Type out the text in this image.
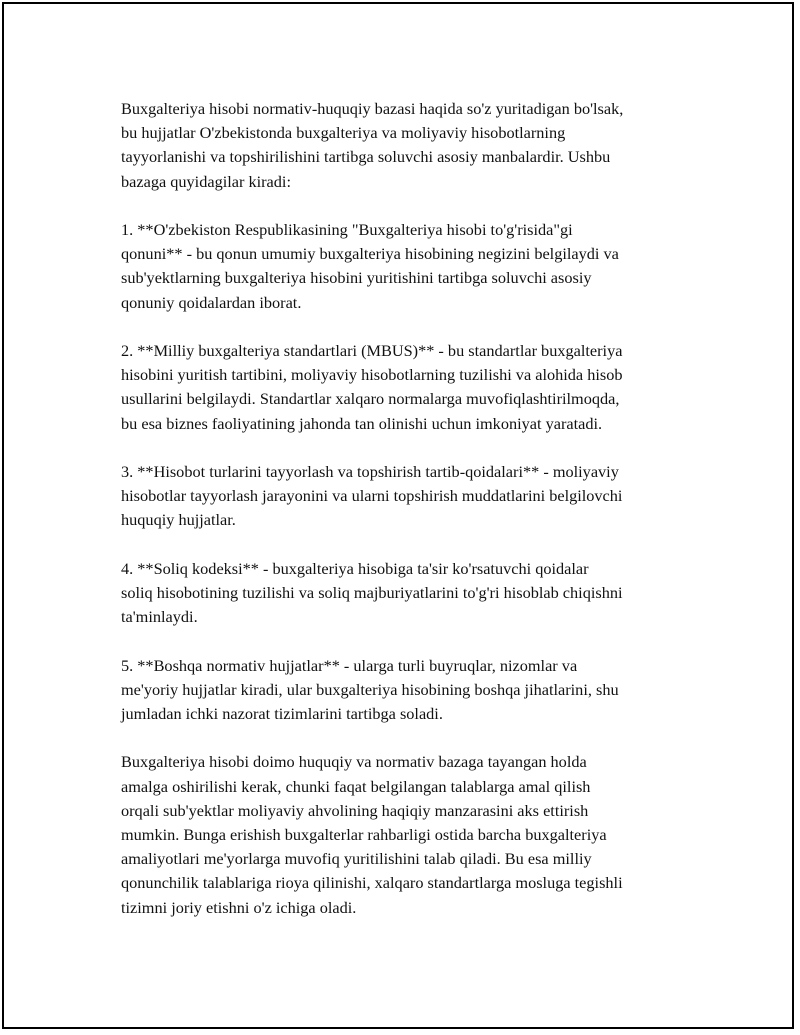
Buxgalteriya hisobi normativ-huquqiy bazasi haqida so'z yuritadigan bo'lsak,
bu hujjatlar O'zbekistonda buxgalteriya va moliyaviy hisobotlarning
tayyorlanishi va topshirilishini tartibga soluvchi asosiy manbalardir. Ushbu
bazaga quyidagilar kiradi:

1. **O'zbekiston Respublikasining "Buxgalteriya hisobi to'g'risida"gi
qonuni** - bu qonun umumiy buxgalteriya hisobining negizini belgilaydi va
sub'yektlarning buxgalteriya hisobini yuritishini tartibga soluvchi asosiy
qonuniy qoidalardan iborat.

2. **Milliy buxgalteriya standartlari (MBUS)** - bu standartlar buxgalteriya
hisobini yuritish tartibini, moliyaviy hisobotlarning tuzilishi va alohida hisob
usullarini belgilaydi. Standartlar xalqaro normalarga muvofiqlashtirilmoqda,
bu esa biznes faoliyatining jahonda tan olinishi uchun imkoniyat yaratadi.

3. **Hisobot turlarini tayyorlash va topshirish tartib-qoidalari** - moliyaviy
hisobotlar tayyorlash jarayonini va ularni topshirish muddatlarini belgilovchi
huquqiy hujjatlar.

4. **Soliq kodeksi** - buxgalteriya hisobiga ta'sir ko'rsatuvchi qoidalar
soliq hisobotining tuzilishi va soliq majburiyatlarini to'g'ri hisoblab chiqishni
ta'minlaydi.

5. **Boshqa normativ hujjatlar** - ularga turli buyruqlar, nizomlar va
me'yoriy hujjatlar kiradi, ular buxgalteriya hisobining boshqa jihatlarini, shu
jumladan ichki nazorat tizimlarini tartibga soladi.

Buxgalteriya hisobi doimo huquqiy va normativ bazaga tayangan holda
amalga oshirilishi kerak, chunki faqat belgilangan talablarga amal qilish
orqali sub'yektlar moliyaviy ahvolining haqiqiy manzarasini aks ettirish
mumkin. Bunga erishish buxgalterlar rahbarligi ostida barcha buxgalteriya
amaliyotlari me'yorlarga muvofiq yuritilishini talab qiladi. Bu esa milliy
qonunchilik talablariga rioya qilinishi, xalqaro standartlarga mosluga tegishli
tizimni joriy etishni o'z ichiga oladi.
